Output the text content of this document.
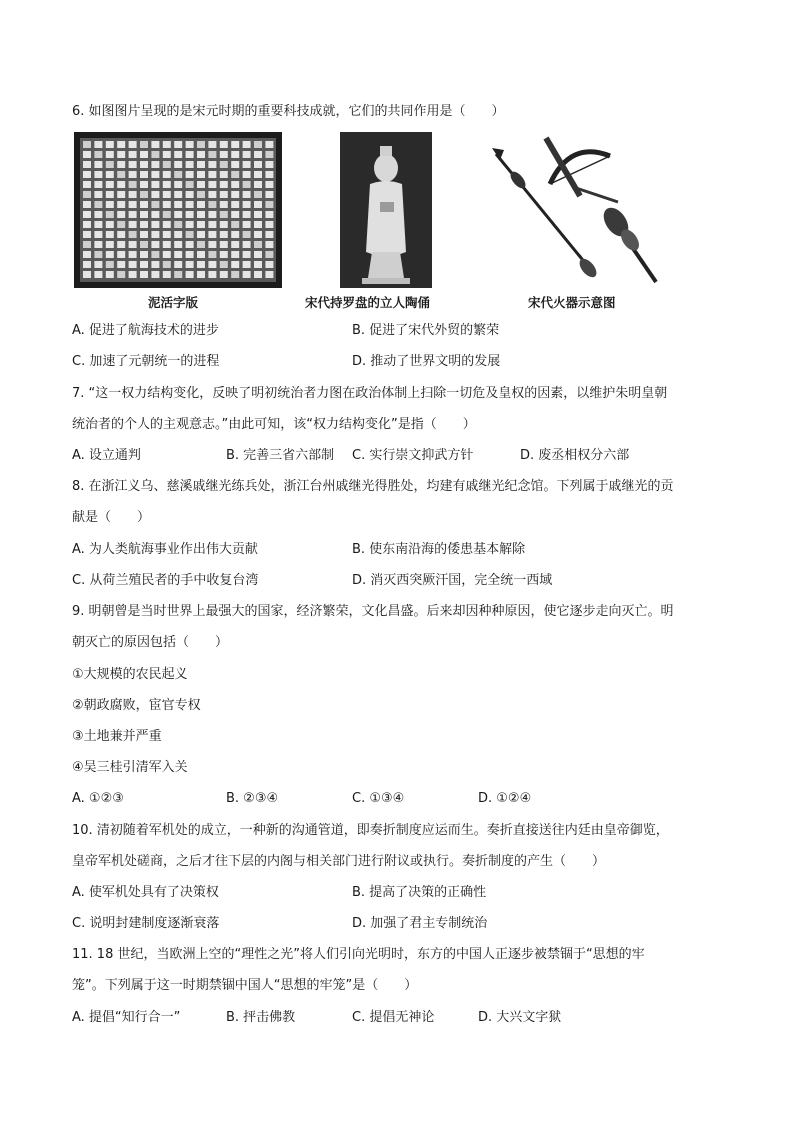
6. 如图图片呈现的是宋元时期的重要科技成就，它们的共同作用是（　　）
泥活字版	宋代持罗盘的立人陶俑	宋代火器示意图
A. 促进了航海技术的进步	B. 促进了宋代外贸的繁荣
C. 加速了元朝统一的进程	D. 推动了世界文明的发展
7. “这一权力结构变化，反映了明初统治者力图在政治体制上扫除一切危及皇权的因素，以维护朱明皇朝
统治者的个人的主观意志。”由此可知，该“权力结构变化”是指（　　）
A. 设立通判	B. 完善三省六部制 C. 实行崇文抑武方针	D. 废丞相权分六部
8. 在浙江义乌、慈溪戚继光练兵处，浙江台州戚继光得胜处，均建有戚继光纪念馆。下列属于戚继光的贡
献是（　　）
A. 为人类航海事业作出伟大贡献	B. 使东南沿海的倭患基本解除
C. 从荷兰殖民者的手中收复台湾	D. 消灭西突厥汗国，完全统一西域
9. 明朝曾是当时世界上最强大的国家，经济繁荣，文化昌盛。后来却因种种原因，使它逐步走向灭亡。明
朝灭亡的原因包括（　　）
①大规模的农民起义
②朝政腐败，宦官专权
③土地兼并严重
④吴三桂引清军入关
A. ①②③	B. ②③④	C. ①③④	D. ①②④
10. 清初随着军机处的成立，一种新的沟通管道，即奏折制度应运而生。奏折直接送往内廷由皇帝御览，
皇帝军机处磋商，之后才往下层的内阁与相关部门进行附议或执行。奏折制度的产生（　　）
A. 使军机处具有了决策权	B. 提高了决策的正确性
C. 说明封建制度逐渐衰落	D. 加强了君主专制统治
11. 18 世纪，当欧洲上空的“理性之光”将人们引向光明时，东方的中国人正逐步被禁锢于“思想的牢
笼”。下列属于这一时期禁锢中国人“思想的牢笼”是（　　）
A. 提倡“知行合一”	B. 抨击佛教	C. 提倡无神论	D. 大兴文字狱
